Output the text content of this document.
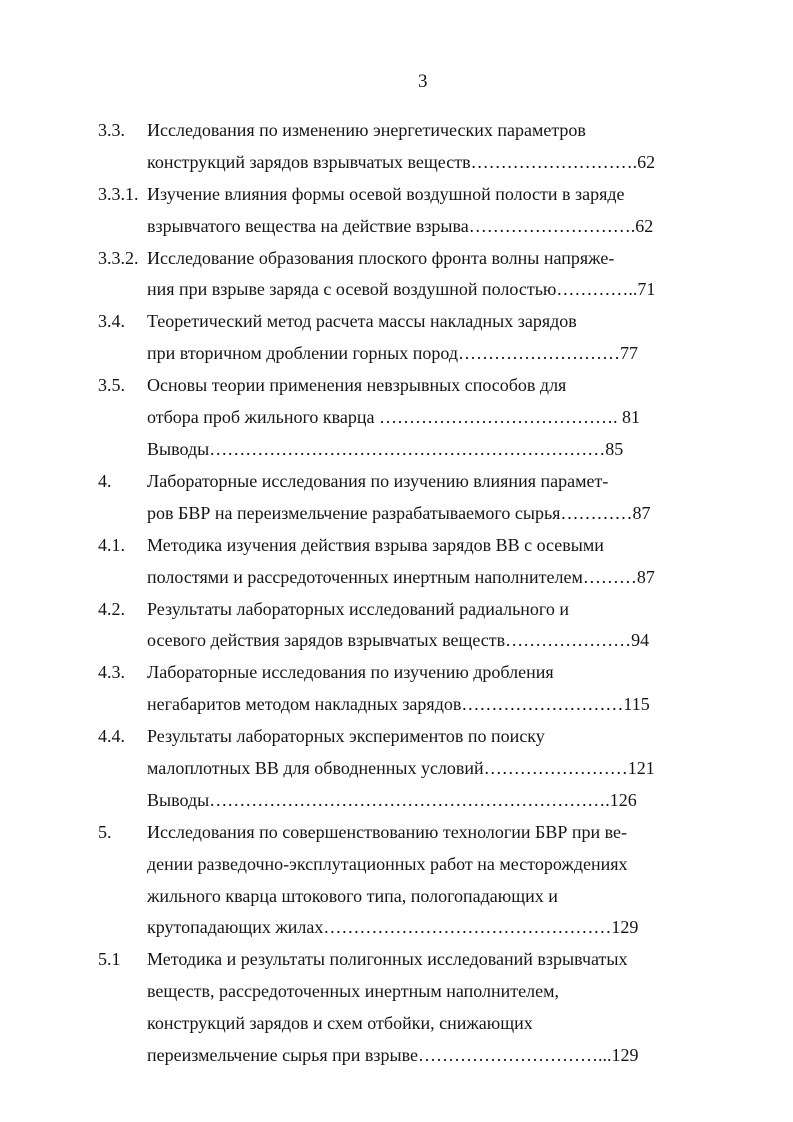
3
3.3. Исследования по изменению энергетических параметров
конструкций зарядов взрывчатых веществ……………………….62
3.3.1. Изучение влияния формы осевой воздушной полости в заряде
взрывчатого вещества на действие взрыва……………………….62
3.3.2. Исследование образования плоского фронта волны напряже-
ния при взрыве заряда с осевой воздушной полостью…………..71
3.4. Теоретический метод расчета массы накладных зарядов
при вторичном дроблении горных пород………………………77
3.5. Основы теории применения невзрывных способов для
отбора проб жильного кварца …………………………………. 81
Выводы…………………………………………………………85
4. Лабораторные исследования по изучению влияния парамет-
ров БВР на переизмельчение разрабатываемого сырья…………87
4.1. Методика изучения действия взрыва зарядов ВВ с осевыми
полостями и рассредоточенных инертным наполнителем………87
4.2. Результаты лабораторных исследований радиального и
осевого действия зарядов взрывчатых веществ…………………94
4.3. Лабораторные исследования по изучению дробления
негабаритов методом накладных зарядов………………………115
4.4. Результаты лабораторных экспериментов по поиску
малоплотных ВВ для обводненных условий……………………121
Выводы………………………………………………………….126
5. Исследования по совершенствованию технологии БВР при ве-
дении разведочно-эксплутационных работ на месторождениях
жильного кварца штокового типа, пологопадающих и
крутопадающих жилах…………………………………………129
5.1 Методика и результаты полигонных исследований взрывчатых
веществ, рассредоточенных инертным наполнителем,
конструкций зарядов и схем отбойки, снижающих
переизмельчение сырья при взрыве…………………………...129
